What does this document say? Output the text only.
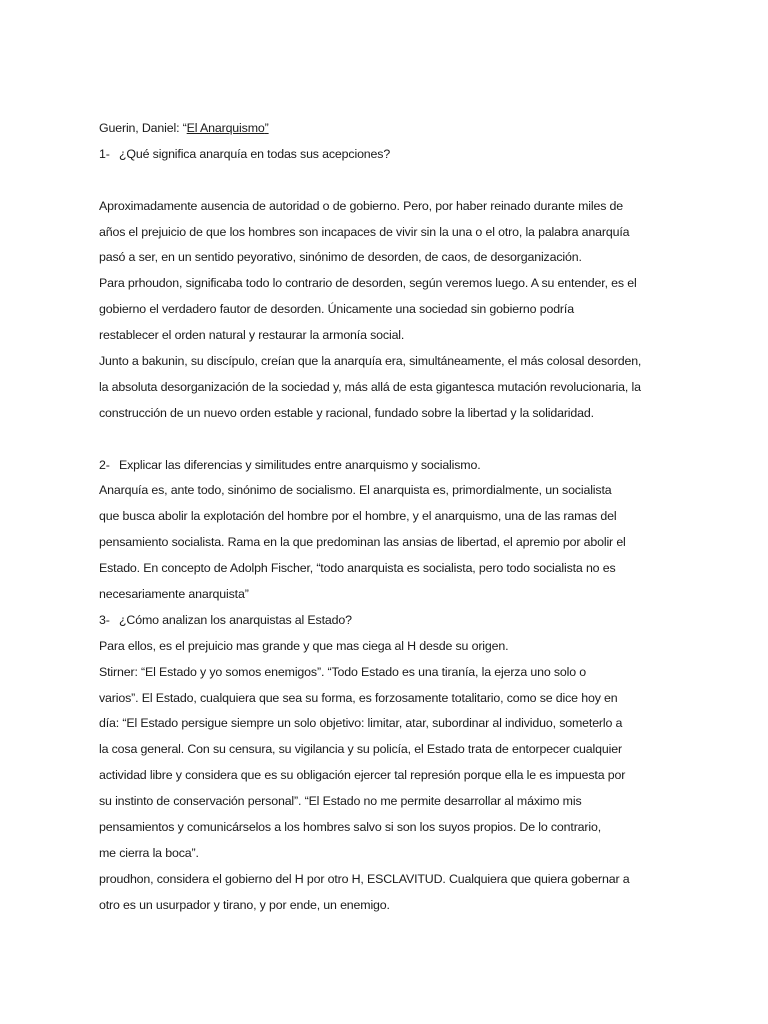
Guerin, Daniel: “El Anarquismo”
1- ¿Qué significa anarquía en todas sus acepciones?
Aproximadamente ausencia de autoridad o de gobierno. Pero, por haber reinado durante miles de
años el prejuicio de que los hombres son incapaces de vivir sin la una o el otro, la palabra anarquía
pasó a ser, en un sentido peyorativo, sinónimo de desorden, de caos, de desorganización.
Para prhoudon, significaba todo lo contrario de desorden, según veremos luego. A su entender, es el
gobierno el verdadero fautor de desorden. Únicamente una sociedad sin gobierno podría
restablecer el orden natural y restaurar la armonía social.
Junto a bakunin, su discípulo, creían que la anarquía era, simultáneamente, el más colosal desorden,
la absoluta desorganización de la sociedad y, más allá de esta gigantesca mutación revolucionaria, la
construcción de un nuevo orden estable y racional, fundado sobre la libertad y la solidaridad.
2- Explicar las diferencias y similitudes entre anarquismo y socialismo.
Anarquía es, ante todo, sinónimo de socialismo. El anarquista es, primordialmente, un socialista
que busca abolir la explotación del hombre por el hombre, y el anarquismo, una de las ramas del
pensamiento socialista. Rama en la que predominan las ansias de libertad, el apremio por abolir el
Estado. En concepto de Adolph Fischer, “todo anarquista es socialista, pero todo socialista no es
necesariamente anarquista”
3- ¿Cómo analizan los anarquistas al Estado?
Para ellos, es el prejuicio mas grande y que mas ciega al H desde su origen.
Stirner: “El Estado y yo somos enemigos”. “Todo Estado es una tiranía, la ejerza uno solo o
varios”. El Estado, cualquiera que sea su forma, es forzosamente totalitario, como se dice hoy en
día: “El Estado persigue siempre un solo objetivo: limitar, atar, subordinar al individuo, someterlo a
la cosa general. Con su censura, su vigilancia y su policía, el Estado trata de entorpecer cualquier
actividad libre y considera que es su obligación ejercer tal represión porque ella le es impuesta por
su instinto de conservación personal”. “El Estado no me permite desarrollar al máximo mis
pensamientos y comunicárselos a los hombres salvo si son los suyos propios. De lo contrario,
me cierra la boca”.
proudhon, considera el gobierno del H por otro H, ESCLAVITUD. Cualquiera que quiera gobernar a
otro es un usurpador y tirano, y por ende, un enemigo.
